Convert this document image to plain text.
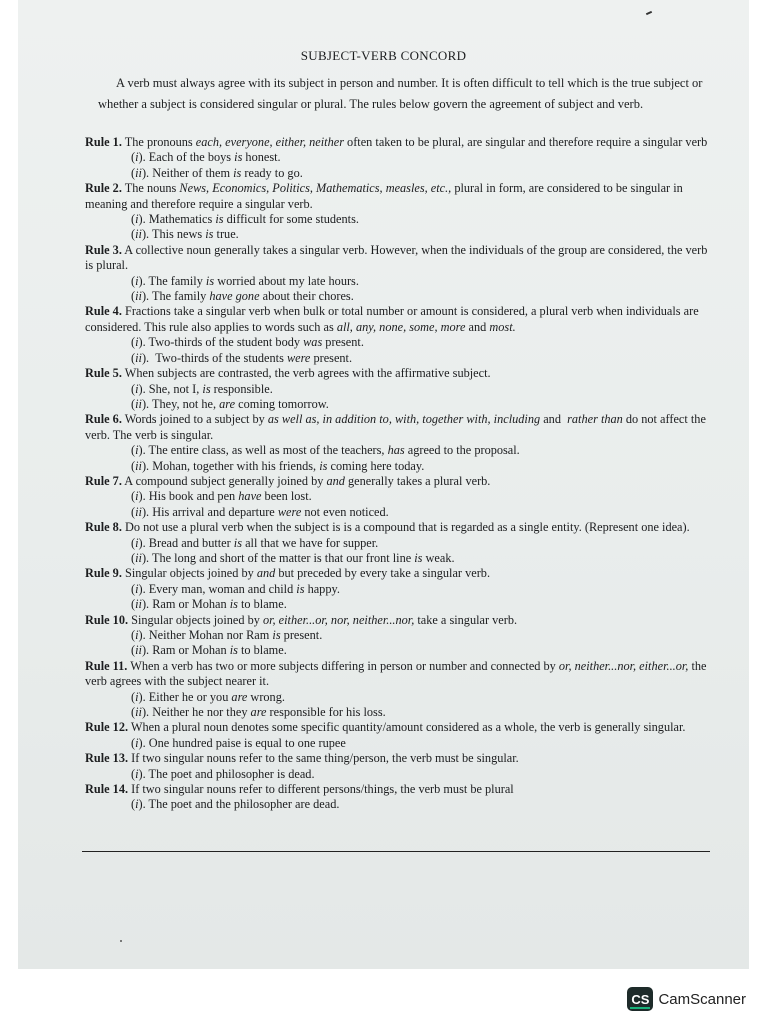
SUBJECT-VERB CONCORD
A verb must always agree with its subject in person and number. It is often difficult to tell which is the true subject or whether a subject is considered singular or plural. The rules below govern the agreement of subject and verb.

Rule 1. The pronouns each, everyone, either, neither often taken to be plural, are singular and therefore require a singular verb

(i). Each of the boys is honest.

(ii). Neither of them is ready to go.

Rule 2. The nouns News, Economics, Politics, Mathematics, measles, etc., plural in form, are considered to be singular in meaning and therefore require a singular verb.

(i). Mathematics is difficult for some students.

(ii). This news is true.

Rule 3. A collective noun generally takes a singular verb. However, when the individuals of the group are considered, the verb is plural.

(i). The family is worried about my late hours.

(ii). The family have gone about their chores.

Rule 4. Fractions take a singular verb when bulk or total number or amount is considered, a plural verb when individuals are considered. This rule also applies to words such as all, any, none, some, more and most.

(i). Two-thirds of the student body was present.

(ii).  Two-thirds of the students were present.

Rule 5. When subjects are contrasted, the verb agrees with the affirmative subject.

(i). She, not I, is responsible.

(ii). They, not he, are coming tomorrow.

Rule 6. Words joined to a subject by as well as, in addition to, with, together with, including and  rather than do not affect the verb. The verb is singular.

(i). The entire class, as well as most of the teachers, has agreed to the proposal.

(ii). Mohan, together with his friends, is coming here today.

Rule 7. A compound subject generally joined by and generally takes a plural verb.

(i). His book and pen have been lost.

(ii). His arrival and departure were not even noticed.

Rule 8. Do not use a plural verb when the subject is is a compound that is regarded as a single entity. (Represent one idea).

(i). Bread and butter is all that we have for supper.

(ii). The long and short of the matter is that our front line is weak.

Rule 9. Singular objects joined by and but preceded by every take a singular verb.

(i). Every man, woman and child is happy.

(ii). Ram or Mohan is to blame.

Rule 10. Singular objects joined by or, either...or, nor, neither...nor, take a singular verb.

(i). Neither Mohan nor Ram is present.

(ii). Ram or Mohan is to blame.

Rule 11. When a verb has two or more subjects differing in person or number and connected by or, neither...nor, either...or, the verb agrees with the subject nearer it.

(i). Either he or you are wrong.

(ii). Neither he nor they are responsible for his loss.

Rule 12. When a plural noun denotes some specific quantity/amount considered as a whole, the verb is generally singular.

(i). One hundred paise is equal to one rupee

Rule 13. If two singular nouns refer to the same thing/person, the verb must be singular.

(i). The poet and philosopher is dead.

Rule 14. If two singular nouns refer to different persons/things, the verb must be plural

(i). The poet and the philosopher are dead.

CS CamScanner
